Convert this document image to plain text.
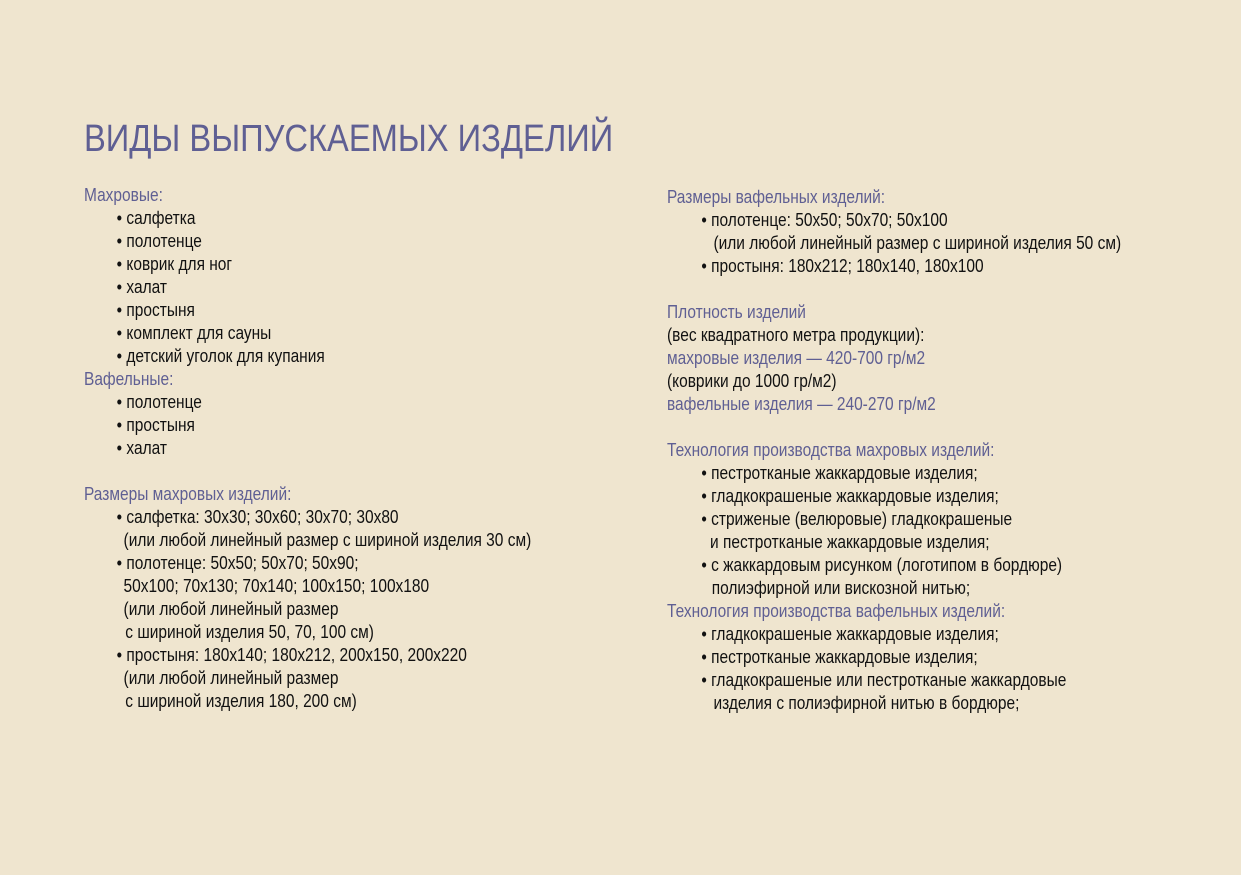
ВИДЫ ВЫПУСКАЕМЫХ ИЗДЕЛИЙ
Махровые:
• салфетка
• полотенце
• коврик для ног
• халат
• простыня
• комплект для сауны
• детский уголок для купания
Вафельные:
• полотенце
• простыня
• халат
Размеры махровых изделий:
• салфетка: 30x30; 30x60; 30x70; 30x80
(или любой линейный размер с шириной изделия 30 см)
• полотенце: 50x50; 50x70; 50x90;
50x100; 70x130; 70x140; 100x150; 100x180
(или любой линейный размер
с шириной изделия 50, 70, 100 см)
• простыня: 180x140; 180x212, 200x150, 200x220
(или любой линейный размер
с шириной изделия 180, 200 см)
Размеры вафельных изделий:
• полотенце: 50x50; 50x70; 50x100
(или любой линейный размер с шириной изделия 50 см)
• простыня: 180x212; 180x140, 180x100
Плотность изделий
(вес квадратного метра продукции):
махровые изделия — 420-700 гр/м2
(коврики до 1000 гр/м2)
вафельные изделия — 240-270 гр/м2
Технология производства махровых изделий:
• пестротканые жаккардовые изделия;
• гладкокрашеные жаккардовые изделия;
• стриженые (велюровые) гладкокрашеные
и пестротканые жаккардовые изделия;
• с жаккардовым рисунком (логотипом в бордюре)
полиэфирной или вискозной нитью;
Технология производства вафельных изделий:
• гладкокрашеные жаккардовые изделия;
• пестротканые жаккардовые изделия;
• гладкокрашеные или пестротканые жаккардовые
изделия с полиэфирной нитью в бордюре;
